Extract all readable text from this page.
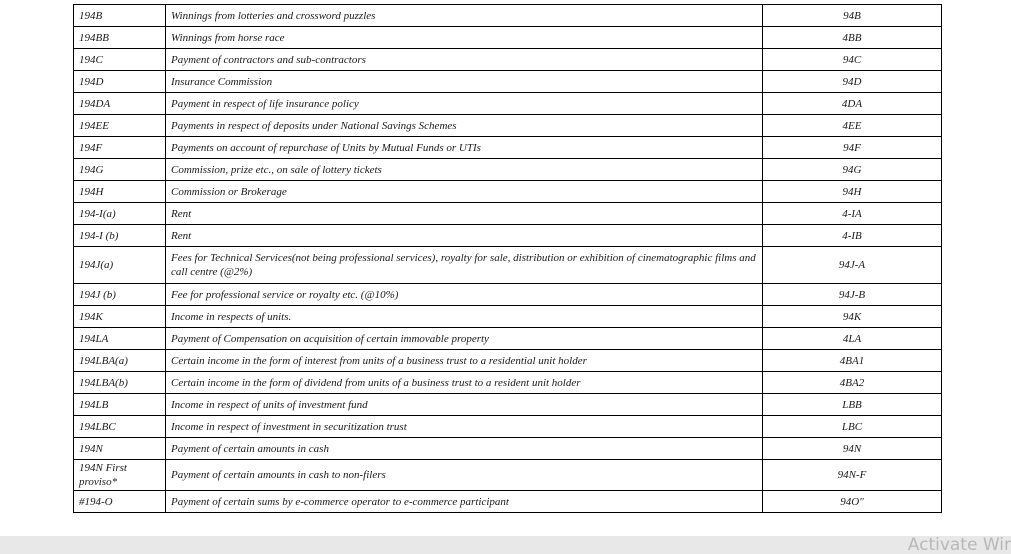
194B	Winnings from lotteries and crossword puzzles	94B
194BB	Winnings from horse race	4BB
194C	Payment of contractors and sub-contractors	94C
194D	Insurance Commission	94D
194DA	Payment in respect of life insurance policy	4DA
194EE	Payments in respect of deposits under National Savings Schemes	4EE
194F	Payments on account of repurchase of Units by Mutual Funds or UTIs	94F
194G	Commission, prize etc., on sale of lottery tickets	94G
194H	Commission or Brokerage	94H
194-I(a)	Rent	4-IA
194-I (b)	Rent	4-IB
194J(a)	Fees for Technical Services(not being professional services), royalty for sale, distribution or exhibition of cinematographic films and call centre (@2%)	94J-A
194J (b)	Fee for professional service or royalty etc. (@10%)	94J-B
194K	Income in respects of units.	94K
194LA	Payment of Compensation on acquisition of certain immovable property	4LA
194LBA(a)	Certain income in the form of interest from units of a business trust to a residential unit holder	4BA1
194LBA(b)	Certain income in the form of dividend from units of a business trust to a resident unit holder	4BA2
194LB	Income in respect of units of investment fund	LBB
194LBC	Income in respect of investment in securitization trust	LBC
194N	Payment of certain amounts in cash	94N
194N First proviso*	Payment of certain amounts in cash to non-filers	94N-F
#194-O	Payment of certain sums by e-commerce operator to e-commerce participant	94O"
Activate Wir
